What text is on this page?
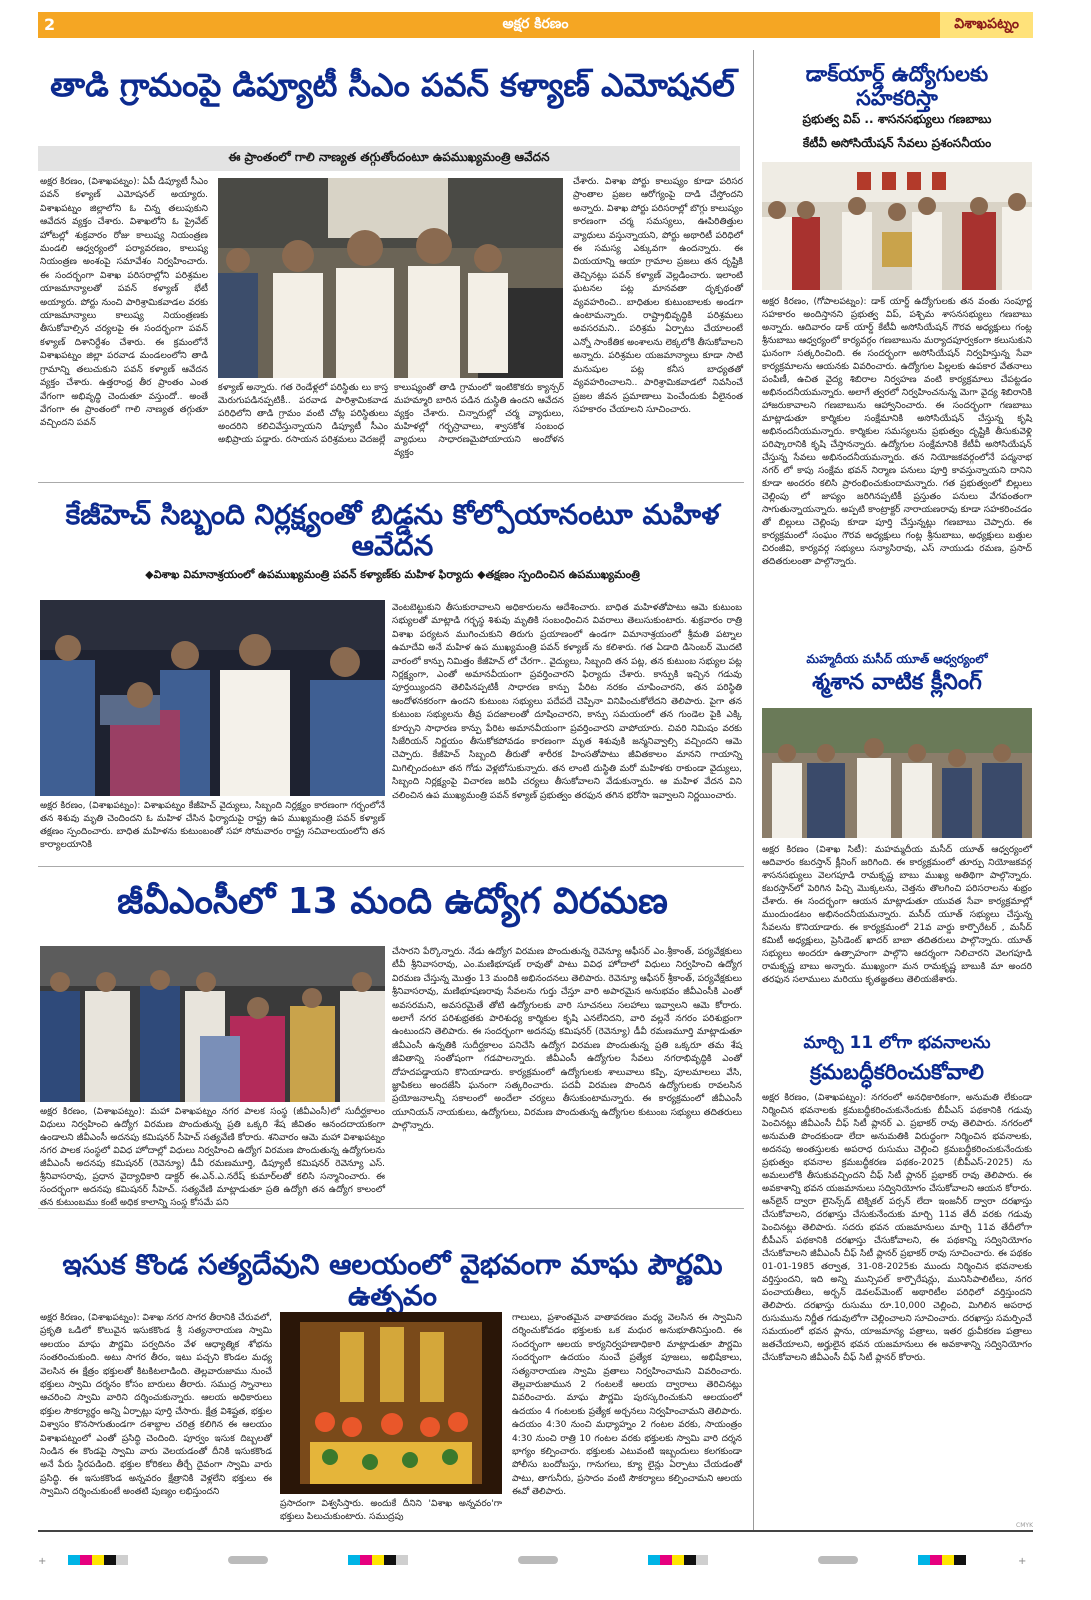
2	అక్షర కిరణం	విశాఖపట్నం
తాడి గ్రామంపై డిప్యూటీ సీఎం పవన్ కళ్యాణ్ ఎమోషనల్
ఈ ప్రాంతంలో గాలి నాణ్యత తగ్గుతోందంటూ ఉపముఖ్యమంత్రి ఆవేదన
అక్షర కిరణం, (విశాఖపట్నం): ఏపీ డిప్యూటీ సీఎం పవన్ కళ్యాణ్ ఎమోషనల్ అయ్యారు. విశాఖపట్నం జిల్లాలోని ఓ చిన్న తలుపుకుని ఆవేదన వ్యక్తం చేశారు. విశాఖలోని ఓ ప్రైవేట్ హోటల్లో శుక్రవారం రోజు కాలుష్య నియంత్రణ మండలి ఆధ్వర్యంలో పర్యావరణం, కాలుష్య నియంత్రణ అంశంపై సమావేశం నిర్వహించారు. ఈ సందర్భంగా విశాఖ పరిసరాల్లోని పరిశ్రమల యాజమాన్యాలతో పవన్ కళ్యాణ్ భేటీ అయ్యారు. పోర్టు నుంచి పారిశ్రామికవాడల వరకు యాజమాన్యాలు కాలుష్య నియంత్రణకు తీసుకోవాల్సిన చర్యలపై ఈ సందర్భంగా పవన్ కళ్యాణ్ దిశానిర్దేశం చేశారు. ఈ క్రమంలోనే విశాఖపట్నం జిల్లా పరవాడ మండలంలోని తాడి గ్రామాన్ని తలుచుకుని పవన్ కళ్యాణ్ ఆవేదన వ్యక్తం చేశారు. ఉత్తరాంధ్ర తీర ప్రాంతం ఎంత వేగంగా అభివృద్ధి చెందుతూ వస్తుందో.. అంతే వేగంగా ఈ ప్రాంతంలో గాలి నాణ్యత తగ్గుతూ వచ్చిందని పవన్
కళ్యాణ్ అన్నారు. గత రెండేళ్లలో పరిస్థితు లు కాస్త మెరుగుపడినప్పటికీ.. పరవాడ పారిశ్రామికవాడ పరిధిలోని తాడి గ్రామం వంటి చోట్ల పరిస్థితులు అందరిని కలిచివేస్తున్నాయని డిప్యూటీ సీఎం అభిప్రాయ పడ్డారు. రసాయన పరిశ్రమలు వెదజల్లే
కాలుష్యంతో తాడి గ్రామంలో ఇంటికొకరు క్యాన్సర్ మహమ్మారి బారిన పడిన దుస్థితి ఉందని ఆవేదన వ్యక్తం చేశారు. చిన్నారుల్లో చర్మ వ్యాధులు, మహిళల్లో గర్భస్రావాలు, శ్వాసకోశ సంబంధ వ్యాధులు సాధారణమైపోయాయని అందోళన వ్యక్తం
చేశారు. విశాఖ పోర్టు కాలుష్యం కూడా పరిసర ప్రాంతాల ప్రజల ఆరోగ్యంపై దాడి చేస్తోందని అన్నారు. విశాఖ పోర్టు పరిసరాల్లో బొగ్గు కాలుష్యం కారణంగా చర్మ సమస్యలు, ఊపిరితిత్తుల వ్యాధులు వస్తున్నాయని, పోర్టు అథారిటీ పరిధిలో ఈ సమస్య ఎక్కువగా ఉందన్నారు. ఈ వియయాన్ని ఆయా గ్రామాల ప్రజలు తన దృష్టికి తెచ్చినట్లు పవన్ కళ్యాణ్ వెల్లడించారు. ఇలాంటి ఘటనల పట్ల మానవతా దృక్పథంతో వ్యవహరించి.. బాధితుల కుటుంబాలకు అండగా ఉంటామన్నారు. రాష్ట్రాభివృద్ధికి పరిశ్రమలు అవసరమని.. పరిశ్రమ ఏర్పాటు చేయాలంటే ఎన్నో సాంకేతిక అంశాలను లెక్కలోకి తీసుకోవాలని అన్నారు. పరిశ్రమల యజమాన్యాలు కూడా సాటి మనుషుల పట్ల కనీస బాధ్యతతో వ్యవహరించాలని.. పారిశ్రామికవాడలో నివసించే ప్రజల జీవన ప్రమాణాలు పెంచేందుకు వీలైనంత సహకారం చేయాలని సూచించారు.
కేజీహెచ్ సిబ్బంది నిర్లక్ష్యంతో బిడ్డను కోల్పోయానంటూ మహిళ ఆవేదన
◆విశాఖ విమానాశ్రయంలో ఉపముఖ్యమంత్రి పవన్ కళ్యాణ్‌కు మహిళ ఫిర్యాదు ◆తక్షణం స్పందించిన ఉపముఖ్యమంత్రి
అక్షర కిరణం, (విశాఖపట్నం): విశాఖపట్నం కేజీహెచ్ వైద్యులు, సిబ్బంది నిర్లక్ష్యం కారణంగా గర్భంలోనే తన శిశువు మృతి చెందిందని ఓ మహిళ చేసిన ఫిర్యాదుపై రాష్ట్ర ఉప ముఖ్యమంత్రి పవన్ కళ్యాణ్ తక్షణం స్పందించారు. బాధిత మహిళను కుటుంబంతో సహా సోమవారం రాష్ట్ర సచివాలయంలోని తన కార్యాలయానికి
వెంటబెట్టుకుని తీసుకురావాలని అధికారులను ఆదేశించారు. బాధిత మహిళతోపాటు ఆమె కుటుంబ సభ్యులతో మాట్లాడి గర్భస్థ శిశువు మృతికి సంబంధించిన వివరాలు తెలుసుకుంటారు. శుక్రవారం రాత్రి విశాఖ పర్యటన ముగించుకుని తిరుగు ప్రయాణంలో ఉండగా విమానాశ్రయంలో శ్రీమతి పట్నాల ఉమాదేవి అనే మహిళ ఉప ముఖ్యమంత్రి పవన్ కళ్యాణ్ ను కలిశారు. గత ఏడాది డిసెంబర్ మొదటి వారంలో కాన్పు నిమిత్తం కేజీహెచ్ లో చేరగా.. వైద్యులు, సిబ్బంది తన పట్ల, తన కుటుంబ సభ్యుల పట్ల నిర్లక్ష్యంగా, ఎంతో అమానవీయంగా ప్రవర్తించారని ఫిర్యాదు చేశారు. కాన్పుకి ఇచ్చిన గడువు పూర్తయ్యిందని తెలిపినప్పటికీ సాధారణ కాన్పు పేరిట నరకం చూపించారని, తన పరిస్థితి ఆందోళనకరంగా ఉందని కుటుంబ సభ్యులు పదేపదే చెప్పినా వినిపించుకోలేదని తెలిపారు. పైగా తన కుటుంబ సభ్యులను తీవ్ర పదజాలంతో దూషించారని, కాన్పు సమయంలో తన గుండెల పైకి ఎక్కి కూర్చుని సాధారణ కాన్పు పేరిట అమానవీయంగా ప్రవర్తించారని వాపోయారు. చివరి నిమిషం వరకు సిజేరియన్ నిర్ణయం తీసుకోకపోవడం కారణంగా మృత శిశువుకి జన్మనివ్వాల్సి వచ్చిందని ఆమె చెప్పారు. కేజీహెచ్ సిబ్బంది తీరుతో శారీరక హింసతోపాటు జీవితకాలం మానని గాయాన్ని మిగిల్చిందంటూ తన గోడు వెళ్లబోసుకున్నారు. తన లాంటి దుస్థితి మరో మహిళకు రాకుండా వైద్యులు, సిబ్బంది నిర్లక్ష్యంపై విచారణ జరిపి చర్యలు తీసుకోవాలని వేడుకున్నారు. ఆ మహిళ వేదన విని చలించిన ఉప ముఖ్యమంత్రి పవన్ కళ్యాణ్ ప్రభుత్వం తరఫున తగిన భరోసా ఇవ్వాలని నిర్ణయించారు.
జీవీఎంసీలో 13 మంది ఉద్యోగ విరమణ
అక్షర కిరణం, (విశాఖపట్నం): మహా విశాఖపట్నం నగర పాలక సంస్థ (జీవీఎంసీ)లో సుదీర్ఘకాలం విధులు నిర్వహించి ఉద్యోగ విరమణ పొందుతున్న ప్రతి ఒక్కరి శేష జీవితం ఆనందదాయకంగా ఉండాలని జీవీఎంసీ అదనపు కమిషనర్ సీహెచ్ సత్యవేణి కోరారు. శనివారం ఆమె మహా విశాఖపట్నం నగర పాలక సంస్థలో వివిధ హోదాల్లో విధులు నిర్వహించి ఉద్యోగ విరమణ పొందుతున్న ఉద్యోగులను జీవీఎంసీ అదనపు కమిషనర్ (రెవెన్యూ) డీవీ రమణమూర్తి, డిప్యూటీ కమిషనర్ రెవెన్యూ ఎస్. శ్రీనివాసరావు, ప్రధాన వైద్యాధికారి డాక్టర్ ఈ.ఎన్.ఎ.నరేష్ కుమార్‌లతో కలిసి సన్మానించారు. ఈ సందర్భంగా అదనపు కమిషనర్ సీహెచ్. సత్యవేణి మాట్లాడుతూ ప్రతి ఉద్యోగి తన ఉద్యోగ కాలంలో తన కుటుంబము కంటే అధిక కాలాన్ని సంస్థ కోసమే పని
చేసారని పేర్కొన్నారు. నేడు ఉద్యోగ విరమణ పొందుతున్న రెవెన్యూ ఆఫీసర్ ఎం.శ్రీకాంత్, పర్యవేక్షకులు టీవీ శ్రీనివాసరావు, ఎం.మణిభూషణ్ రావుతో పాటు వివిధ హోదాలో విధులు నిర్వహించి ఉద్యోగ విరమణ చేస్తున్న మొత్తం 13 మందికి అభినందనలు తెలిపారు. రెవెన్యూ ఆఫీసర్ శ్రీకాంత్, పర్యవేక్షకులు శ్రీనివాసరావు, మణిభూషణరావు సేవలను గుర్తు చేస్తూ వారి అపారమైన అనుభవం జీవీఎంసీకి ఎంతో అవసరమని, అవసరమైతే తోటి ఉద్యోగులకు వారి సూచనలు సలహాలు ఇవ్వాలని ఆమె కోరారు. అలాగే నగర పరిశుభ్రతకు పారిశుధ్య కార్మికుల కృషి ఎనలేనిదని, వారి వల్లనే నగరం పరిశుభ్రంగా ఉంటుందని తెలిపారు. ఈ సందర్భంగా అదనపు కమిషనర్ (రెవెన్యూ) డీవీ రమణమూర్తి మాట్లాడుతూ జీవీఎంసీ ఉన్నతికి సుదీర్ఘకాలం పనిచేసి ఉద్యోగ విరమణ పొందుతున్న ప్రతి ఒక్కరూ తమ శేష జీవితాన్ని సంతోషంగా గడపాలన్నారు. జీవీఎంసీ ఉద్యోగుల సేవలు నగరాభివృద్ధికి ఎంతో దోహదపడ్డాయని కొనియాడారు. కార్యక్రమంలో ఉద్యోగులకు శాలువాలు కప్పి, పూలమాలలు వేసి, జ్ఞాపికలు అందజేసి ఘనంగా సత్కరించారు. పదవీ విరమణ పొందిన ఉద్యోగులకు రావలసిన ప్రయోజనాలన్నీ సకాలంలో అందేలా చర్యలు తీసుకుంటామన్నారు. ఈ కార్యక్రమంలో జీవీఎంసీ యూనియన్ నాయకులు, ఉద్యోగులు, విరమణ పొందుతున్న ఉద్యోగుల కుటుంబ సభ్యులు తదితరులు పాల్గొన్నారు.
ఇసుక కొండ సత్యదేవుని ఆలయంలో వైభవంగా మాఘ పౌర్ణమి ఉత్సవం
అక్షర కిరణం, (విశాఖపట్నం): విశాఖ నగర సాగర తీరానికి చేరువలో, ప్రకృతి ఒడిలో కొలువైన ఇసుకకొండ శ్రీ సత్యనారాయణ స్వామి ఆలయం మాఘ పౌర్ణమి పర్వదినం వేళ ఆధ్యాత్మిక శోభను సంతరించుకుంది. అటు సాగర తీరం, ఇటు పచ్చని కొండల మధ్య వెలసిన ఈ క్షేత్రం భక్తులతో కిటకిటలాడింది. తెల్లవారుజాము నుంచే భక్తులు స్వామి దర్శనం కోసం బారులు తీరారు. సముద్ర స్నానాలు ఆచరించి స్వామి వారిని దర్శించుకున్నారు. ఆలయ అధికారులు భక్తుల సౌకర్యార్థం అన్ని ఏర్పాట్లు పూర్తి చేసారు. క్షేత్ర విశిష్టత, భక్తుల విశ్వాసం కొనసాగుతుండగా దశాబ్దాల చరిత్ర కలిగిన ఈ ఆలయం విశాఖపట్నంలో ఎంతో ప్రసిద్ధి చెందింది. పూర్వం ఇసుక దిబ్బలతో నిండిన ఈ కొండపై స్వామి వారు వెలయడంతో దీనికి ఇసుకకొండ అనే పేరు స్థిరపడింది. భక్తుల కోరికలు తీర్చే దైవంగా స్వామి వారు ప్రసిద్ధి. ఈ ఇసుకకొండ అన్నవరం క్షేత్రానికి వెళ్లలేని భక్తులు ఈ స్వామిని దర్శించుకుంటే అంతటి పుణ్యం లభిస్తుందని
ప్రసాదంగా విశ్వసిస్తారు. అందుకే దీనిని 'విశాఖ అన్నవరం'గా భక్తులు పిలుచుకుంటారు. సముద్రపు
గాలులు, ప్రశాంతమైన వాతావరణం మధ్య వెలసిన ఈ స్వామిని దర్శించుకోవడం భక్తులకు ఒక మధుర అనుభూతినిస్తుంది. ఈ సందర్భంగా ఆలయ కార్యనిర్వహణాధికారి మాట్లాడుతూ పౌర్ణమి సందర్భంగా ఉదయం నుంచే ప్రత్యేక పూజలు, అభిషేకాలు, సత్యనారాయణ స్వామి వ్రతాలు నిర్వహించామని వివరించారు. తెల్లవారుజామున 2 గంటలకే ఆలయ ద్వారాలు తెరిచినట్లు వివరించారు. మాఘ పౌర్ణమి పురస్కరించుకుని ఆలయంలో ఉదయం 4 గంటలకు ప్రత్యేక అర్చనలు నిర్వహించామని తెలిపారు. ఉదయం 4:30 నుంచి మధ్యాహ్నం 2 గంటల వరకు, సాయంత్రం 4:30 నుంచి రాత్రి 10 గంటల వరకు భక్తులకు స్వామి వారి దర్శన భాగ్యం కల్పించారు. భక్తులకు ఎటువంటి ఇబ్బందులు కలగకుండా పోలీసు బందోబస్తు, గానుగలు, క్యూ లైన్లు ఏర్పాటు చేయడంతో పాటు, తాగునీరు, ప్రసాదం వంటి సౌకర్యాలు కల్పించామని ఆలయ ఈవో తెలిపారు.
డాక్‌యార్డ్ ఉద్యోగులకు సహకరిస్తా
ప్రభుత్వ విప్ .. శాసనసభ్యులు గణబాబు
కేటీవీ అసోసియేషన్ సేవలు ప్రశంసనీయం
అక్షర కిరణం, (గోపాలపట్నం): డాక్ యార్డ్ ఉద్యోగులకు తన వంతు సంపూర్ణ సహకారం అందిస్తానని ప్రభుత్వ విప్, పశ్చిమ శాసనసభ్యులు గణబాబు అన్నారు. ఆదివారం డాక్ యార్డ్ కేటీవీ అసోసియేషన్ గౌరవ అధ్యక్షులు గంట్ల శ్రీనుబాబు ఆధ్వర్యంలో కార్యవర్గం గణబాబును మర్యాదపూర్వకంగా కలుసుకుని ఘనంగా సత్కరించింది. ఈ సందర్భంగా అసోసియేషన్ నిర్వహిస్తున్న సేవా కార్యక్రమాలను ఆయనకు వివరించారు. ఉద్యోగుల పిల్లలకు ఉపకార వేతనాలు పంపిణీ, ఉచిత వైద్య శిబిరాల నిర్వహణ వంటి కార్యక్రమాలు చేపట్టడం అభినందనీయమన్నారు. అలాగే త్వరలో నిర్వహించనున్న మెగా వైద్య శిబిరానికి హాజరుకావాలని గణబాబును ఆహ్వానించారు. ఈ సందర్భంగా గణబాబు మాట్లాడుతూ కార్మికుల సంక్షేమానికి అసోసియేషన్ చేస్తున్న కృషి అభినందనీయమన్నారు. కార్మికుల సమస్యలను ప్రభుత్వం దృష్టికి తీసుకువెళ్లి పరిష్కారానికి కృషి చేస్తానన్నారు. ఉద్యోగుల సంక్షేమానికి కేటీవీ అసోసియేషన్ చేస్తున్న సేవలు అభినందనీయమన్నారు. తన నియోజకవర్గంలోనే పద్మనాభ నగర్ లో కాపు సంక్షేమ భవన్ నిర్మాణ పనులు పూర్తి కావస్తున్నాయని దానిని కూడా అందరం కలిసి ప్రారంభించుకుందామన్నారు. గత ప్రభుత్వంలో బిల్లులు చెల్లింపు లో జాప్యం జరిగినప్పటికీ ప్రస్తుతం పనులు వేగవంతంగా సాగుతున్నాయన్నారు. అప్పటి కాంట్రాక్టర్ నారాయణరావు కూడా సహకరించడం తో బిల్లులు చెల్లింపు కూడా పూర్తి చేస్తున్నట్లు గణబాబు చెప్పారు. ఈ కార్యక్రమంలో సంఘం గౌరవ అధ్యక్షులు గంట్ల శ్రీనుబాబు, అధ్యక్షులు బత్తుల చిరంజీవి, కార్యవర్గ సభ్యులు సన్యాసిరావు, ఎస్ నాయుడు రమణ, ప్రసాద్ తదితరులంతా పాల్గొన్నారు.
మహ్మదీయ మసీద్ యూత్ ఆధ్వర్యంలో
శ్మశాన వాటిక క్లీనింగ్
అక్షర కిరణం (విశాఖ సిటీ): మహమ్మదీయ మసీద్ యూత్ ఆధ్వర్యంలో ఆదివారం కబరస్తాన్ క్లీనింగ్ జరిగింది. ఈ కార్యక్రమంలో తూర్పు నియోజకవర్గ శాసనసభ్యులు వెలగపూడి రామకృష్ణ బాబు ముఖ్య అతిథిగా పాల్గొన్నారు. కబరస్తాన్‌లో పెరిగిన పిచ్చి మొక్కలను, చెత్తను తొలగించి పరిసరాలను శుభ్రం చేశారు. ఈ సందర్భంగా ఆయన మాట్లాడుతూ యువత సేవా కార్యక్రమాల్లో ముందుండటం అభినందనీయమన్నారు. మసీద్ యూత్ సభ్యులు చేస్తున్న సేవలను కొనియాడారు. ఈ కార్యక్రమంలో 21వ వార్డు కార్పొరేటర్ , మసీద్ కమిటీ అధ్యక్షులు, ప్రెసిడెంట్ ఖాదర్ బాబా తదితరులు పాల్గొన్నారు. యూత్ సభ్యులు అందరూ ఉత్సాహంగా పాల్గొని ఆదర్శంగా నిలిచారని వెలగపూడి రామకృష్ణ బాబు అన్నారు. ముఖ్యంగా మన రామకృష్ణ బాబుకి మా అందరి తరఫున సలాములు మరియు కృతజ్ఞతలు తెలియజేశారు.
మార్చి 11 లోగా భవనాలను
క్రమబద్ధీకరించుకోవాలి
అక్షర కిరణం, (విశాఖపట్నం): నగరంలో అనధికారికంగా, అనుమతి లేకుండా నిర్మించిన భవనాలకు క్రమబద్ధీకరించుకునేందుకు బీపీఎస్ పథకానికి గడువు పెంచినట్లు జీవీఎంసీ చీఫ్ సిటీ ప్లానర్ ఎ. ప్రభాకర్ రావు తెలిపారు. నగరంలో అనుమతి పొందకుండా లేదా అనుమతికి విరుద్ధంగా నిర్మించిన భవనాలకు, అదనపు అంతస్తులకు అపరాధ రుసుము చెల్లించి క్రమబద్ధీకరించుకునేందుకు ప్రభుత్వం భవనాల క్రమబద్ధీకరణ పథకం-2025 (బీపీఎస్-2025) ను అమలులోకి తీసుకువచ్చిందని చీఫ్ సిటీ ప్లానర్ ప్రభాకర్ రావు తెలిపారు. ఈ అవకాశాన్ని భవన యజమానులు సద్వినియోగం చేసుకోవాలని ఆయన కోరారు. ఆన్‌లైన్ ద్వారా లైసెన్స్‌డ్ టెక్నికల్ పర్సన్ లేదా ఇంజనీర్ ద్వారా దరఖాస్తు చేసుకోవాలని, దరఖాస్తు చేసుకునేందుకు మార్చి 11వ తేదీ వరకు గడువు పెంచినట్లు తెలిపారు. సదరు భవన యజమానులు మార్చి 11వ తేదీలోగా బీపీఎస్ పథకానికి దరఖాస్తు చేసుకోవాలని, ఈ పథకాన్ని సద్వినియోగం చేసుకోవాలని జీవీఎంసీ చీఫ్ సిటీ ప్లానర్ ప్రభాకర్ రావు సూచించారు. ఈ పథకం 01-01-1985 తర్వాత, 31-08-2025కు ముందు నిర్మించిన భవనాలకు వర్తిస్తుందని, ఇది అన్ని మున్సిపల్ కార్పొరేషన్లు, మునిసిపాలిటీలు, నగర పంచాయతీలు, అర్బన్ డెవలప్‌మెంట్ అథారిటీల పరిధిలో వర్తిస్తుందని తెలిపారు. దరఖాస్తు రుసుము రూ.10,000 చెల్లించి, మిగిలిన అపరాధ రుసుమును నిర్ణీత గడువులోగా చెల్లించాలని సూచించారు. దరఖాస్తు సమర్పించే సమయంలో భవన ప్లాను, యాజమాన్య పత్రాలు, ఇతర ధ్రువీకరణ పత్రాలు జతచేయాలని, అర్హులైన భవన యజమానులు ఈ అవకాశాన్ని సద్వినియోగం చేసుకోవాలని జీవీఎంసీ చీఫ్ సిటీ ప్లానర్ కోరారు.
CMYK
+	+
